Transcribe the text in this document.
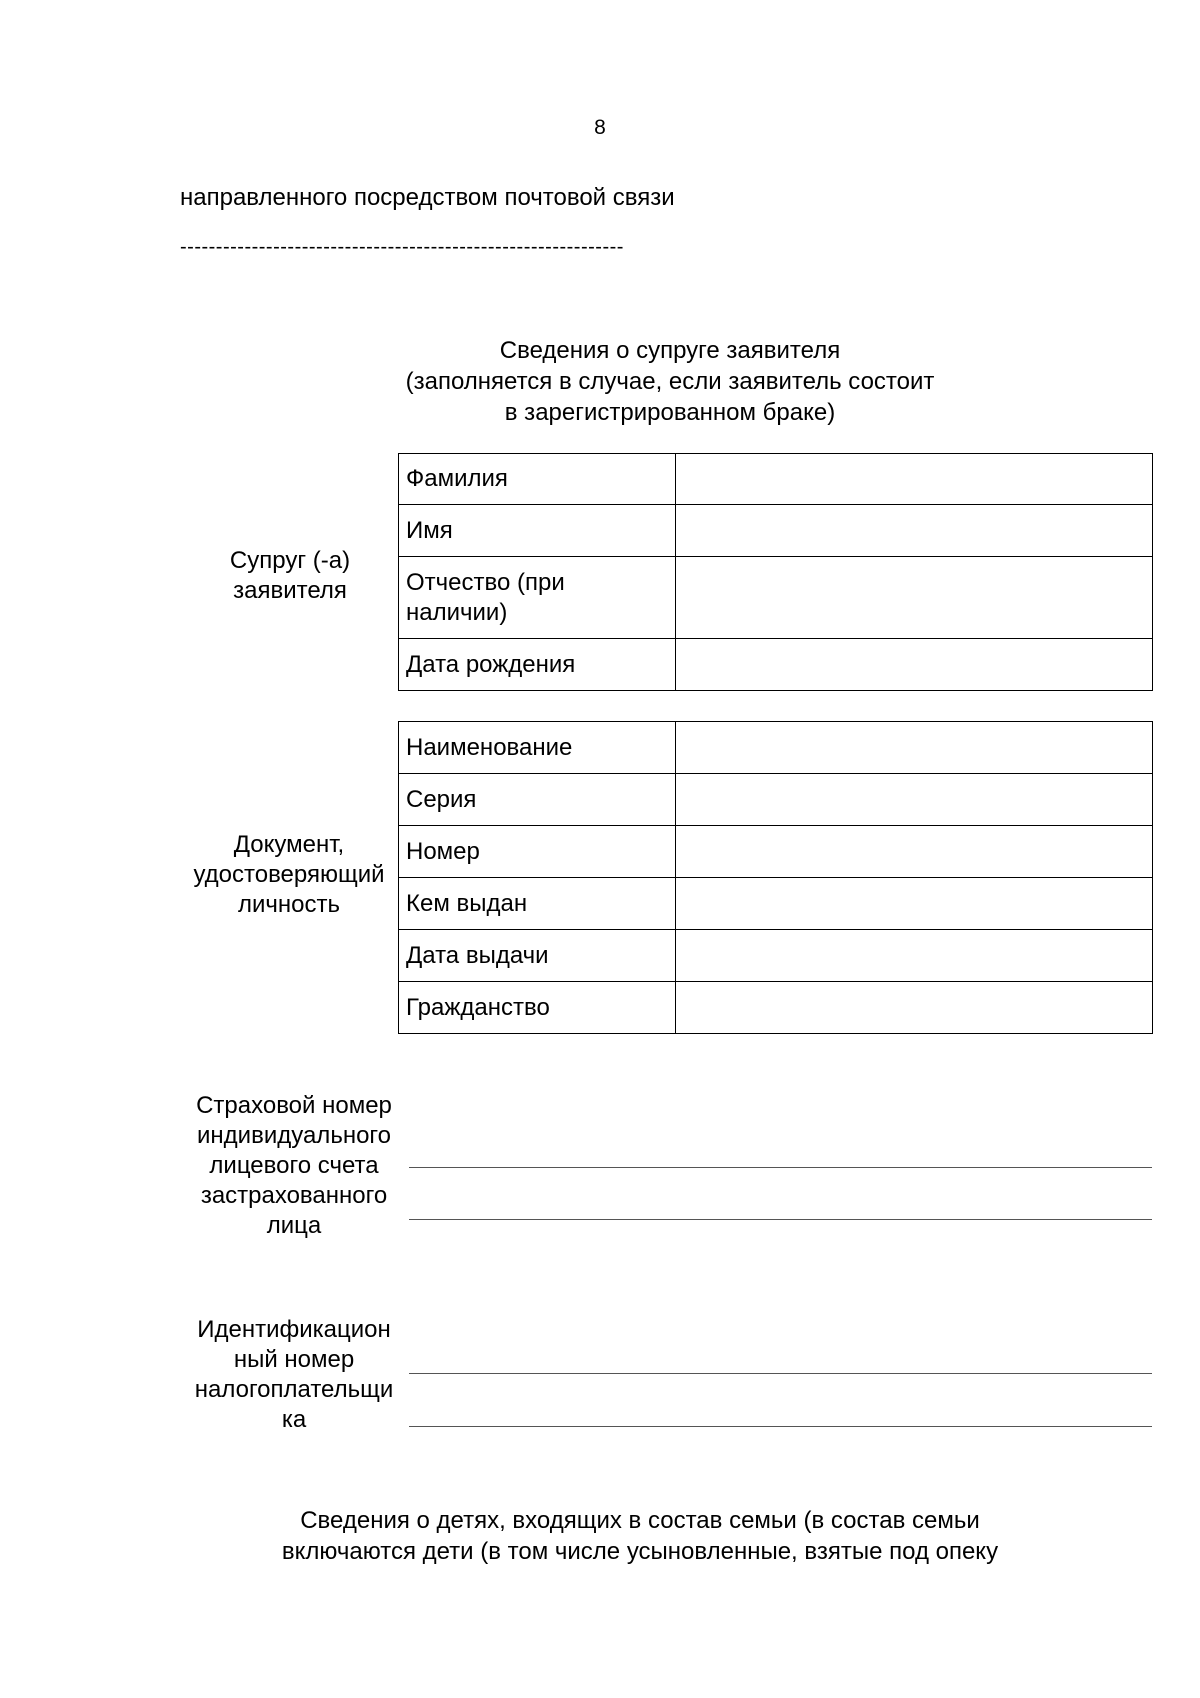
8
направленного посредством почтовой связи
--------------------------------------------------------------
Сведения о супруге заявителя
(заполняется в случае, если заявитель состоит
в зарегистрированном браке)
Супруг (-а)
заявителя
Фамилия	
Имя	
Отчество (при наличии)	
Дата рождения	
Документ,
удостоверяющий
личность
Наименование	
Серия	
Номер	
Кем выдан	
Дата выдачи	
Гражданство	
Страховой номер
индивидуального
лицевого счета
застрахованного
лица
Идентификацион
ный номер
налогоплательщи
ка
Сведения о детях, входящих в состав семьи (в состав семьи
включаются дети (в том числе усыновленные, взятые под опеку
